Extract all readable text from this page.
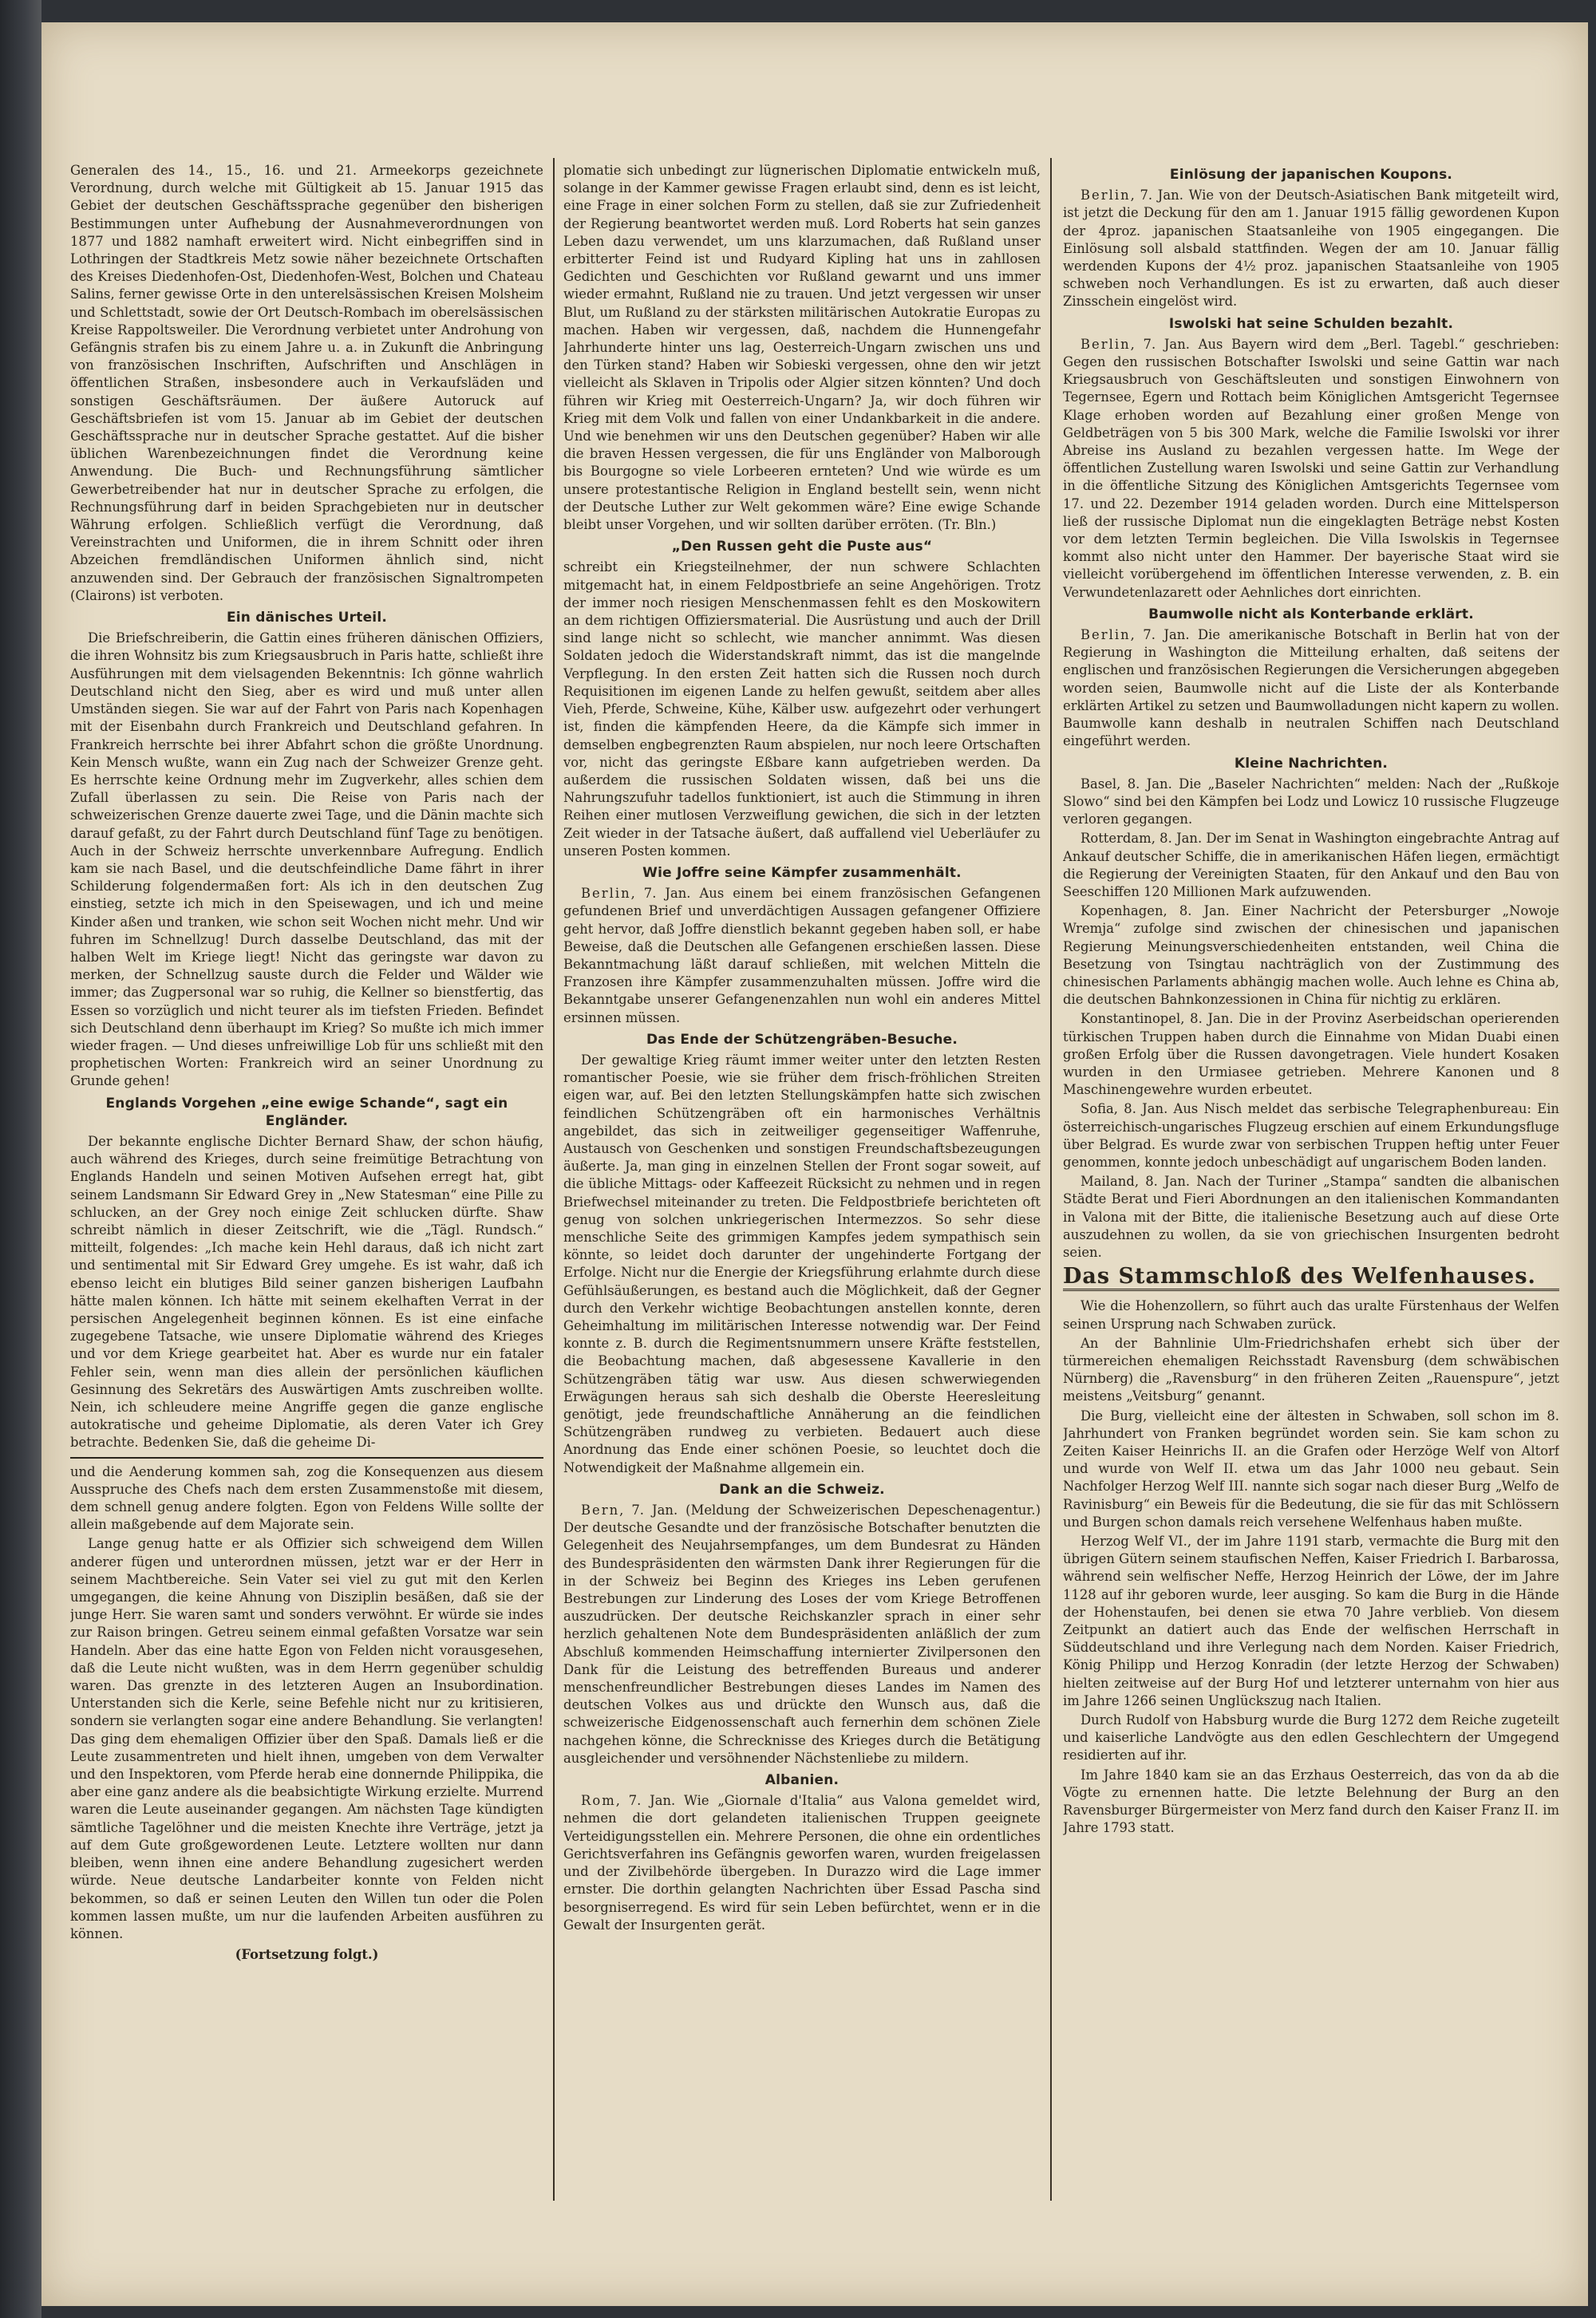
Generalen des 14., 15., 16. und 21. Armeekorps gezeichnete Verordnung, durch welche mit Gültigkeit ab 15. Januar 1915 das Gebiet der deutschen Geschäftssprache gegenüber den bisherigen Bestimmungen unter Aufhebung der Ausnahmeverordnungen von 1877 und 1882 namhaft erweitert wird. Nicht einbegriffen sind in Lothringen der Stadtkreis Metz sowie näher bezeichnete Ortschaften des Kreises Diedenhofen-Ost, Diedenhofen-West, Bolchen und Chateau Salins, ferner gewisse Orte in den unterelsässischen Kreisen Molsheim und Schlettstadt, sowie der Ort Deutsch-Rombach im oberelsässischen Kreise Rappoltsweiler. Die Verordnung verbietet unter Androhung von Gefängnis strafen bis zu einem Jahre u. a. in Zukunft die Anbringung von französischen Inschriften, Aufschriften und Anschlägen in öffentlichen Straßen, insbesondere auch in Verkaufsläden und sonstigen Geschäftsräumen. Der äußere Autoruck auf Geschäftsbriefen ist vom 15. Januar ab im Gebiet der deutschen Geschäftssprache nur in deutscher Sprache gestattet. Auf die bisher üblichen Warenbezeichnungen findet die Verordnung keine Anwendung. Die Buch- und Rechnungsführung sämtlicher Gewerbetreibender hat nur in deutscher Sprache zu erfolgen, die Rechnungsführung darf in beiden Sprachgebieten nur in deutscher Währung erfolgen. Schließlich verfügt die Verordnung, daß Vereinstrachten und Uniformen, die in ihrem Schnitt oder ihren Abzeichen fremdländischen Uniformen ähnlich sind, nicht anzuwenden sind. Der Gebrauch der französischen Signaltrompeten (Clairons) ist verboten.

Ein dänisches Urteil.

Die Briefschreiberin, die Gattin eines früheren dänischen Offiziers, die ihren Wohnsitz bis zum Kriegsausbruch in Paris hatte, schließt ihre Ausführungen mit dem vielsagenden Bekenntnis: Ich gönne wahrlich Deutschland nicht den Sieg, aber es wird und muß unter allen Umständen siegen. Sie war auf der Fahrt von Paris nach Kopenhagen mit der Eisenbahn durch Frankreich und Deutschland gefahren. In Frankreich herrschte bei ihrer Abfahrt schon die größte Unordnung. Kein Mensch wußte, wann ein Zug nach der Schweizer Grenze geht. Es herrschte keine Ordnung mehr im Zugverkehr, alles schien dem Zufall überlassen zu sein. Die Reise von Paris nach der schweizerischen Grenze dauerte zwei Tage, und die Dänin machte sich darauf gefaßt, zu der Fahrt durch Deutschland fünf Tage zu benötigen. Auch in der Schweiz herrschte unverkennbare Aufregung. Endlich kam sie nach Basel, und die deutschfeindliche Dame fährt in ihrer Schilderung folgendermaßen fort: Als ich in den deutschen Zug einstieg, setzte ich mich in den Speisewagen, und ich und meine Kinder aßen und tranken, wie schon seit Wochen nicht mehr. Und wir fuhren im Schnellzug! Durch dasselbe Deutschland, das mit der halben Welt im Kriege liegt! Nicht das geringste war davon zu merken, der Schnellzug sauste durch die Felder und Wälder wie immer; das Zugpersonal war so ruhig, die Kellner so bienstfertig, das Essen so vorzüglich und nicht teurer als im tiefsten Frieden. Befindet sich Deutschland denn überhaupt im Krieg? So mußte ich mich immer wieder fragen. — Und dieses unfreiwillige Lob für uns schließt mit den prophetischen Worten: Frankreich wird an seiner Unordnung zu Grunde gehen!

Englands Vorgehen „eine ewige Schande“, sagt ein Engländer.

Der bekannte englische Dichter Bernard Shaw, der schon häufig, auch während des Krieges, durch seine freimütige Betrachtung von Englands Handeln und seinen Motiven Aufsehen erregt hat, gibt seinem Landsmann Sir Edward Grey in „New Statesman“ eine Pille zu schlucken, an der Grey noch einige Zeit schlucken dürfte. Shaw schreibt nämlich in dieser Zeitschrift, wie die „Tägl. Rundsch.“ mitteilt, folgendes: „Ich mache kein Hehl daraus, daß ich nicht zart und sentimental mit Sir Edward Grey umgehe. Es ist wahr, daß ich ebenso leicht ein blutiges Bild seiner ganzen bisherigen Laufbahn hätte malen können. Ich hätte mit seinem ekelhaften Verrat in der persischen Angelegenheit beginnen können. Es ist eine einfache zugegebene Tatsache, wie unsere Diplomatie während des Krieges und vor dem Kriege gearbeitet hat. Aber es wurde nur ein fataler Fehler sein, wenn man dies allein der persönlichen käuflichen Gesinnung des Sekretärs des Auswärtigen Amts zuschreiben wollte. Nein, ich schleudere meine Angriffe gegen die ganze englische autokratische und geheime Diplomatie, als deren Vater ich Grey betrachte. Bedenken Sie, daß die geheime Di-

und die Aenderung kommen sah, zog die Konsequenzen aus diesem Ausspruche des Chefs nach dem ersten Zusammenstoße mit diesem, dem schnell genug andere folgten. Egon von Feldens Wille sollte der allein maßgebende auf dem Majorate sein.

Lange genug hatte er als Offizier sich schweigend dem Willen anderer fügen und unterordnen müssen, jetzt war er der Herr in seinem Machtbereiche. Sein Vater sei viel zu gut mit den Kerlen umgegangen, die keine Ahnung von Disziplin besäßen, daß sie der junge Herr. Sie waren samt und sonders verwöhnt. Er würde sie indes zur Raison bringen. Getreu seinem einmal gefaßten Vorsatze war sein Handeln. Aber das eine hatte Egon von Felden nicht vorausgesehen, daß die Leute nicht wußten, was in dem Herrn gegenüber schuldig waren. Das grenzte in des letzteren Augen an Insubordination. Unterstanden sich die Kerle, seine Befehle nicht nur zu kritisieren, sondern sie verlangten sogar eine andere Behandlung. Sie verlangten! Das ging dem ehemaligen Offizier über den Spaß. Damals ließ er die Leute zusammentreten und hielt ihnen, umgeben von dem Verwalter und den Inspektoren, vom Pferde herab eine donnernde Philippika, die aber eine ganz andere als die beabsichtigte Wirkung erzielte. Murrend waren die Leute auseinander gegangen. Am nächsten Tage kündigten sämtliche Tagelöhner und die meisten Knechte ihre Verträge, jetzt ja auf dem Gute großgewordenen Leute. Letztere wollten nur dann bleiben, wenn ihnen eine andere Behandlung zugesichert werden würde. Neue deutsche Landarbeiter konnte von Felden nicht bekommen, so daß er seinen Leuten den Willen tun oder die Polen kommen lassen mußte, um nur die laufenden Arbeiten ausführen zu können.

(Fortsetzung folgt.)

plomatie sich unbedingt zur lügnerischen Diplomatie entwickeln muß, solange in der Kammer gewisse Fragen erlaubt sind, denn es ist leicht, eine Frage in einer solchen Form zu stellen, daß sie zur Zufriedenheit der Regierung beantwortet werden muß. Lord Roberts hat sein ganzes Leben dazu verwendet, um uns klarzumachen, daß Rußland unser erbitterter Feind ist und Rudyard Kipling hat uns in zahllosen Gedichten und Geschichten vor Rußland gewarnt und uns immer wieder ermahnt, Rußland nie zu trauen. Und jetzt vergessen wir unser Blut, um Rußland zu der stärksten militärischen Autokratie Europas zu machen. Haben wir vergessen, daß, nachdem die Hunnengefahr Jahrhunderte hinter uns lag, Oesterreich-Ungarn zwischen uns und den Türken stand? Haben wir Sobieski vergessen, ohne den wir jetzt vielleicht als Sklaven in Tripolis oder Algier sitzen könnten? Und doch führen wir Krieg mit Oesterreich-Ungarn? Ja, wir doch führen wir Krieg mit dem Volk und fallen von einer Undankbarkeit in die andere. Und wie benehmen wir uns den Deutschen gegenüber? Haben wir alle die braven Hessen vergessen, die für uns Engländer von Malborough bis Bourgogne so viele Lorbeeren ernteten? Und wie würde es um unsere protestantische Religion in England bestellt sein, wenn nicht der Deutsche Luther zur Welt gekommen wäre? Eine ewige Schande bleibt unser Vorgehen, und wir sollten darüber erröten. (Tr. Bln.)

„Den Russen geht die Puste aus“

schreibt ein Kriegsteilnehmer, der nun schwere Schlachten mitgemacht hat, in einem Feldpostbriefe an seine Angehörigen. Trotz der immer noch riesigen Menschenmassen fehlt es den Moskowitern an dem richtigen Offiziersmaterial. Die Ausrüstung und auch der Drill sind lange nicht so schlecht, wie mancher annimmt. Was diesen Soldaten jedoch die Widerstandskraft nimmt, das ist die mangelnde Verpflegung. In den ersten Zeit hatten sich die Russen noch durch Requisitionen im eigenen Lande zu helfen gewußt, seitdem aber alles Vieh, Pferde, Schweine, Kühe, Kälber usw. aufgezehrt oder verhungert ist, finden die kämpfenden Heere, da die Kämpfe sich immer in demselben engbegrenzten Raum abspielen, nur noch leere Ortschaften vor, nicht das geringste Eßbare kann aufgetrieben werden. Da außerdem die russischen Soldaten wissen, daß bei uns die Nahrungszufuhr tadellos funktioniert, ist auch die Stimmung in ihren Reihen einer mutlosen Verzweiflung gewichen, die sich in der letzten Zeit wieder in der Tatsache äußert, daß auffallend viel Ueberläufer zu unseren Posten kommen.

Wie Joffre seine Kämpfer zusammenhält.

Berlin, 7. Jan. Aus einem bei einem französischen Gefangenen gefundenen Brief und unverdächtigen Aussagen gefangener Offiziere geht hervor, daß Joffre dienstlich bekannt gegeben haben soll, er habe Beweise, daß die Deutschen alle Gefangenen erschießen lassen. Diese Bekanntmachung läßt darauf schließen, mit welchen Mitteln die Franzosen ihre Kämpfer zusammenzuhalten müssen. Joffre wird die Bekanntgabe unserer Gefangenenzahlen nun wohl ein anderes Mittel ersinnen müssen.

Das Ende der Schützengräben-Besuche.

Der gewaltige Krieg räumt immer weiter unter den letzten Resten romantischer Poesie, wie sie früher dem frisch-fröhlichen Streiten eigen war, auf. Bei den letzten Stellungskämpfen hatte sich zwischen feindlichen Schützengräben oft ein harmonisches Verhältnis angebildet, das sich in zeitweiliger gegenseitiger Waffenruhe, Austausch von Geschenken und sonstigen Freundschaftsbezeugungen äußerte. Ja, man ging in einzelnen Stellen der Front sogar soweit, auf die übliche Mittags- oder Kaffeezeit Rücksicht zu nehmen und in regen Briefwechsel miteinander zu treten. Die Feldpostbriefe berichteten oft genug von solchen unkriegerischen Intermezzos. So sehr diese menschliche Seite des grimmigen Kampfes jedem sympathisch sein könnte, so leidet doch darunter der ungehinderte Fortgang der Erfolge. Nicht nur die Energie der Kriegsführung erlahmte durch diese Gefühlsäußerungen, es bestand auch die Möglichkeit, daß der Gegner durch den Verkehr wichtige Beobachtungen anstellen konnte, deren Geheimhaltung im militärischen Interesse notwendig war. Der Feind konnte z. B. durch die Regimentsnummern unsere Kräfte feststellen, die Beobachtung machen, daß abgesessene Kavallerie in den Schützengräben tätig war usw. Aus diesen schwerwiegenden Erwägungen heraus sah sich deshalb die Oberste Heeresleitung genötigt, jede freundschaftliche Annäherung an die feindlichen Schützengräben rundweg zu verbieten. Bedauert auch diese Anordnung das Ende einer schönen Poesie, so leuchtet doch die Notwendigkeit der Maßnahme allgemein ein.

Dank an die Schweiz.

Bern, 7. Jan. (Meldung der Schweizerischen Depeschenagentur.) Der deutsche Gesandte und der französische Botschafter benutzten die Gelegenheit des Neujahrsempfanges, um dem Bundesrat zu Händen des Bundespräsidenten den wärmsten Dank ihrer Regierungen für die in der Schweiz bei Beginn des Krieges ins Leben gerufenen Bestrebungen zur Linderung des Loses der vom Kriege Betroffenen auszudrücken. Der deutsche Reichskanzler sprach in einer sehr herzlich gehaltenen Note dem Bundespräsidenten anläßlich der zum Abschluß kommenden Heimschaffung internierter Zivilpersonen den Dank für die Leistung des betreffenden Bureaus und anderer menschenfreundlicher Bestrebungen dieses Landes im Namen des deutschen Volkes aus und drückte den Wunsch aus, daß die schweizerische Eidgenossenschaft auch fernerhin dem schönen Ziele nachgehen könne, die Schrecknisse des Krieges durch die Betätigung ausgleichender und versöhnender Nächstenliebe zu mildern.

Albanien.

Rom, 7. Jan. Wie „Giornale d'Italia“ aus Valona gemeldet wird, nehmen die dort gelandeten italienischen Truppen geeignete Verteidigungsstellen ein. Mehrere Personen, die ohne ein ordentliches Gerichtsverfahren ins Gefängnis geworfen waren, wurden freigelassen und der Zivilbehörde übergeben. In Durazzo wird die Lage immer ernster. Die dorthin gelangten Nachrichten über Essad Pascha sind besorgniserregend. Es wird für sein Leben befürchtet, wenn er in die Gewalt der Insurgenten gerät.

Einlösung der japanischen Koupons.

Berlin, 7. Jan. Wie von der Deutsch-Asiatischen Bank mitgeteilt wird, ist jetzt die Deckung für den am 1. Januar 1915 fällig gewordenen Kupon der 4proz. japanischen Staatsanleihe von 1905 eingegangen. Die Einlösung soll alsbald stattfinden. Wegen der am 10. Januar fällig werdenden Kupons der 4½ proz. japanischen Staatsanleihe von 1905 schweben noch Verhandlungen. Es ist zu erwarten, daß auch dieser Zinsschein eingelöst wird.

Iswolski hat seine Schulden bezahlt.

Berlin, 7. Jan. Aus Bayern wird dem „Berl. Tagebl.“ geschrieben: Gegen den russischen Botschafter Iswolski und seine Gattin war nach Kriegsausbruch von Geschäftsleuten und sonstigen Einwohnern von Tegernsee, Egern und Rottach beim Königlichen Amtsgericht Tegernsee Klage erhoben worden auf Bezahlung einer großen Menge von Geldbeträgen von 5 bis 300 Mark, welche die Familie Iswolski vor ihrer Abreise ins Ausland zu bezahlen vergessen hatte. Im Wege der öffentlichen Zustellung waren Iswolski und seine Gattin zur Verhandlung in die öffentliche Sitzung des Königlichen Amtsgerichts Tegernsee vom 17. und 22. Dezember 1914 geladen worden. Durch eine Mittelsperson ließ der russische Diplomat nun die eingeklagten Beträge nebst Kosten vor dem letzten Termin begleichen. Die Villa Iswolskis in Tegernsee kommt also nicht unter den Hammer. Der bayerische Staat wird sie vielleicht vorübergehend im öffentlichen Interesse verwenden, z. B. ein Verwundetenlazarett oder Aehnliches dort einrichten.

Baumwolle nicht als Konterbande erklärt.

Berlin, 7. Jan. Die amerikanische Botschaft in Berlin hat von der Regierung in Washington die Mitteilung erhalten, daß seitens der englischen und französischen Regierungen die Versicherungen abgegeben worden seien, Baumwolle nicht auf die Liste der als Konterbande erklärten Artikel zu setzen und Baumwolladungen nicht kapern zu wollen. Baumwolle kann deshalb in neutralen Schiffen nach Deutschland eingeführt werden.

Kleine Nachrichten.

Basel, 8. Jan. Die „Baseler Nachrichten“ melden: Nach der „Rußkoje Slowo“ sind bei den Kämpfen bei Lodz und Lowicz 10 russische Flugzeuge verloren gegangen.

Rotterdam, 8. Jan. Der im Senat in Washington eingebrachte Antrag auf Ankauf deutscher Schiffe, die in amerikanischen Häfen liegen, ermächtigt die Regierung der Vereinigten Staaten, für den Ankauf und den Bau von Seeschiffen 120 Millionen Mark aufzuwenden.

Kopenhagen, 8. Jan. Einer Nachricht der Petersburger „Nowoje Wremja“ zufolge sind zwischen der chinesischen und japanischen Regierung Meinungsverschiedenheiten entstanden, weil China die Besetzung von Tsingtau nachträglich von der Zustimmung des chinesischen Parlaments abhängig machen wolle. Auch lehne es China ab, die deutschen Bahnkonzessionen in China für nichtig zu erklären.

Konstantinopel, 8. Jan. Die in der Provinz Aserbeidschan operierenden türkischen Truppen haben durch die Einnahme von Midan Duabi einen großen Erfolg über die Russen davongetragen. Viele hundert Kosaken wurden in den Urmiasee getrieben. Mehrere Kanonen und 8 Maschinengewehre wurden erbeutet.

Sofia, 8. Jan. Aus Nisch meldet das serbische Telegraphenbureau: Ein österreichisch-ungarisches Flugzeug erschien auf einem Erkundungsfluge über Belgrad. Es wurde zwar von serbischen Truppen heftig unter Feuer genommen, konnte jedoch unbeschädigt auf ungarischem Boden landen.

Mailand, 8. Jan. Nach der Turiner „Stampa“ sandten die albanischen Städte Berat und Fieri Abordnungen an den italienischen Kommandanten in Valona mit der Bitte, die italienische Besetzung auch auf diese Orte auszudehnen zu wollen, da sie von griechischen Insurgenten bedroht seien.

Das Stammschloß des Welfenhauses.

Wie die Hohenzollern, so führt auch das uralte Fürstenhaus der Welfen seinen Ursprung nach Schwaben zurück.

An der Bahnlinie Ulm-Friedrichshafen erhebt sich über der türmereichen ehemaligen Reichsstadt Ravensburg (dem schwäbischen Nürnberg) die „Ravensburg“ in den früheren Zeiten „Rauenspure“, jetzt meistens „Veitsburg“ genannt.

Die Burg, vielleicht eine der ältesten in Schwaben, soll schon im 8. Jahrhundert von Franken begründet worden sein. Sie kam schon zu Zeiten Kaiser Heinrichs II. an die Grafen oder Herzöge Welf von Altorf und wurde von Welf II. etwa um das Jahr 1000 neu gebaut. Sein Nachfolger Herzog Welf III. nannte sich sogar nach dieser Burg „Welfo de Ravinisburg“ ein Beweis für die Bedeutung, die sie für das mit Schlössern und Burgen schon damals reich versehene Welfenhaus haben mußte.

Herzog Welf VI., der im Jahre 1191 starb, vermachte die Burg mit den übrigen Gütern seinem staufischen Neffen, Kaiser Friedrich I. Barbarossa, während sein welfischer Neffe, Herzog Heinrich der Löwe, der im Jahre 1128 auf ihr geboren wurde, leer ausging. So kam die Burg in die Hände der Hohenstaufen, bei denen sie etwa 70 Jahre verblieb. Von diesem Zeitpunkt an datiert auch das Ende der welfischen Herrschaft in Süddeutschland und ihre Verlegung nach dem Norden. Kaiser Friedrich, König Philipp und Herzog Konradin (der letzte Herzog der Schwaben) hielten zeitweise auf der Burg Hof und letzterer unternahm von hier aus im Jahre 1266 seinen Unglückszug nach Italien.

Durch Rudolf von Habsburg wurde die Burg 1272 dem Reiche zugeteilt und kaiserliche Landvögte aus den edlen Geschlechtern der Umgegend residierten auf ihr.

Im Jahre 1840 kam sie an das Erzhaus Oesterreich, das von da ab die Vögte zu ernennen hatte. Die letzte Belehnung der Burg an den Ravensburger Bürgermeister von Merz fand durch den Kaiser Franz II. im Jahre 1793 statt.
